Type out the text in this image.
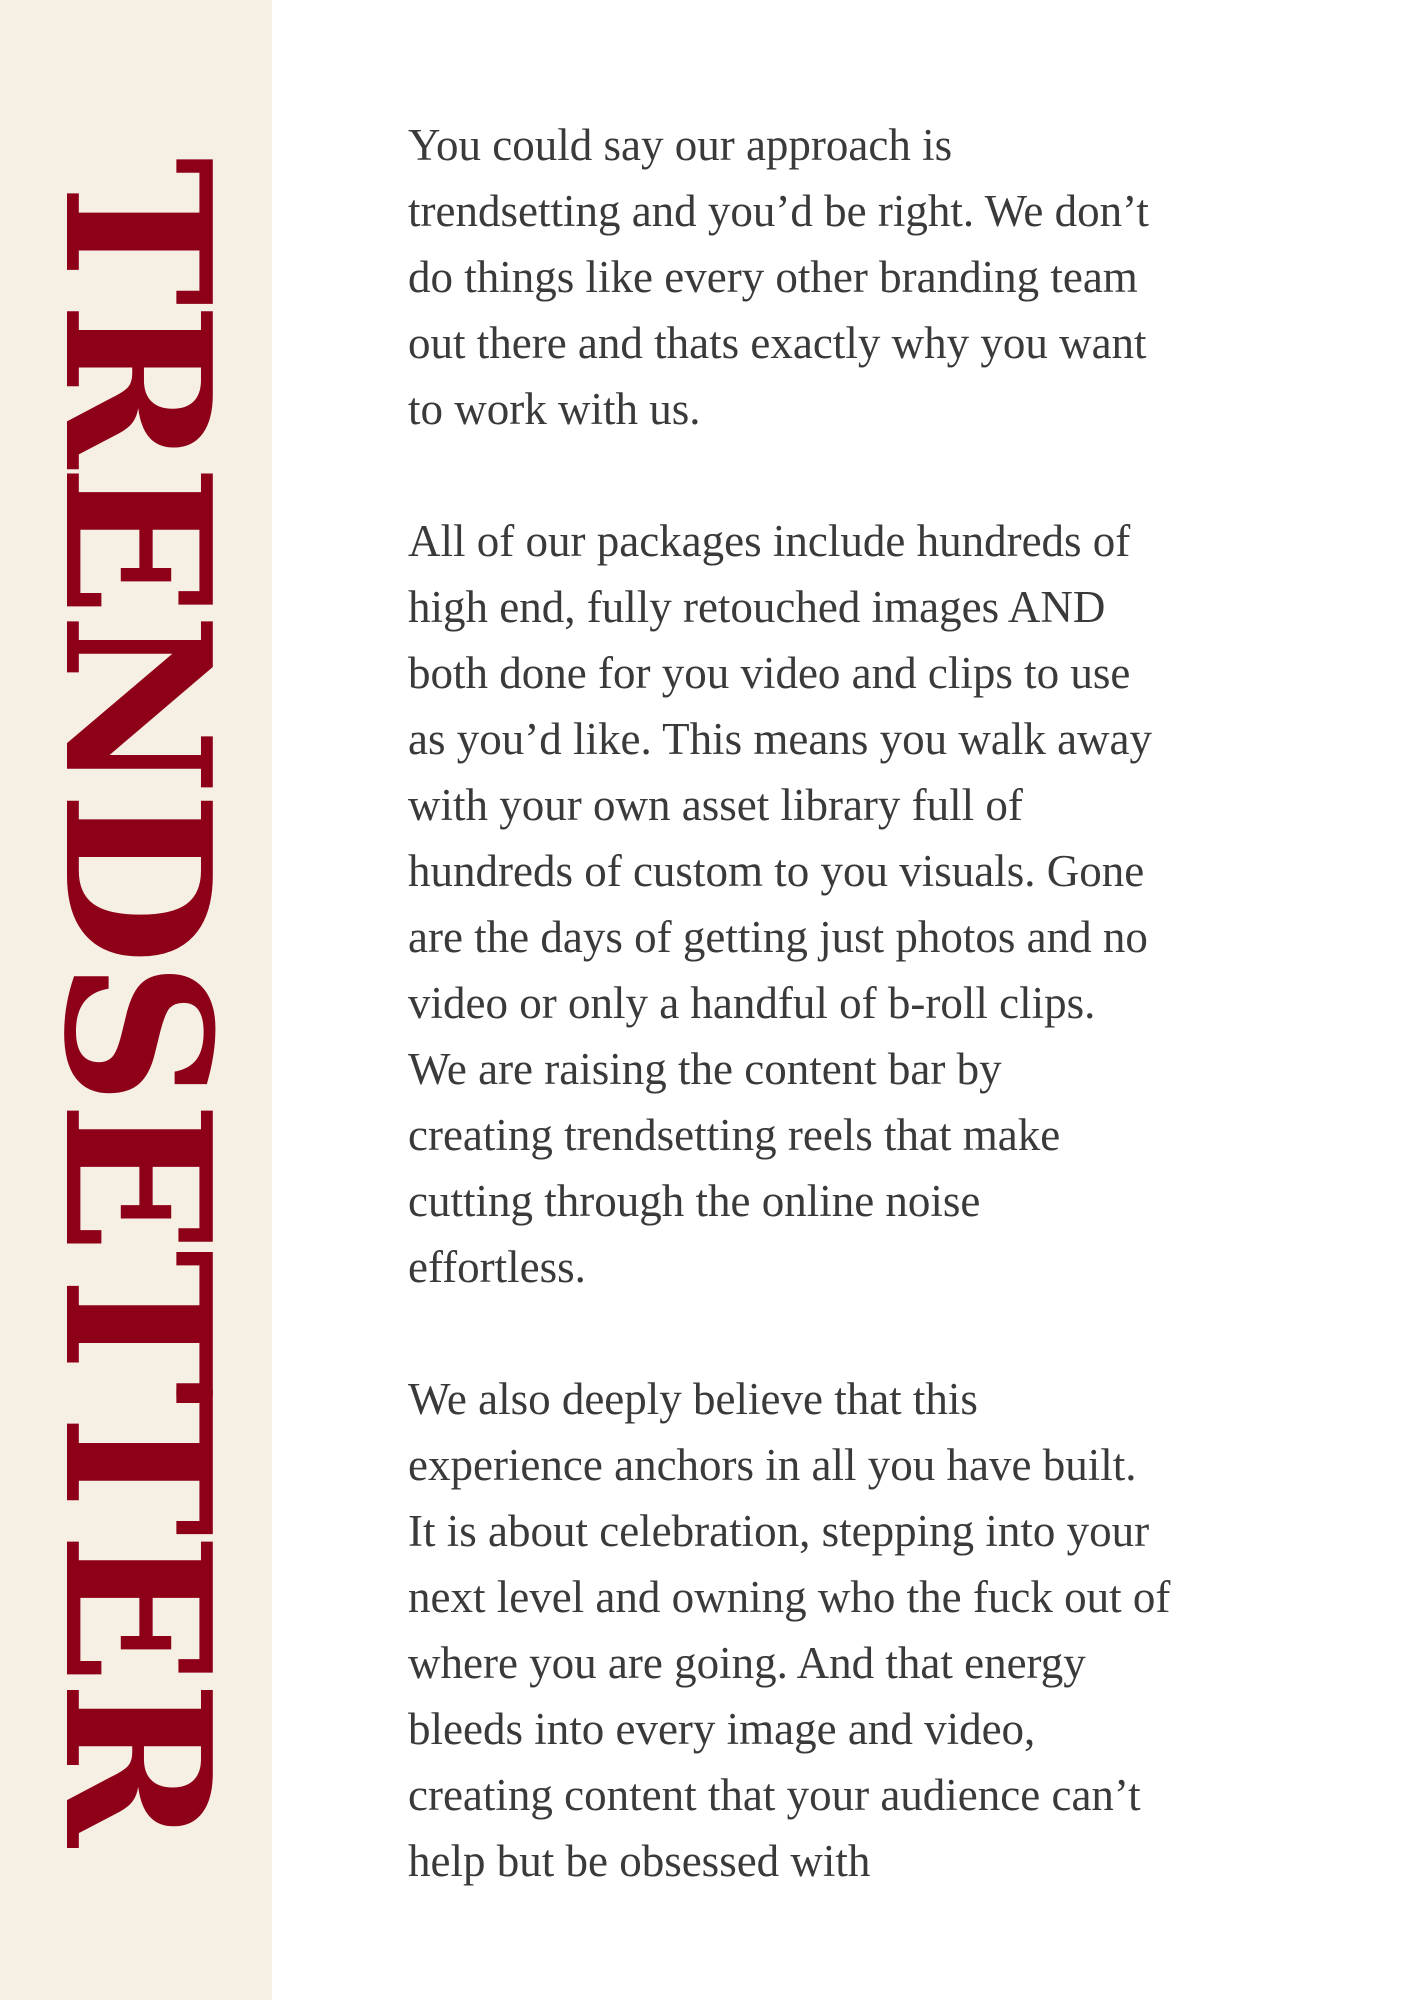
TRENDSETTER

You could say our approach is
trendsetting and you’d be right. We don’t
do things like every other branding team
out there and thats exactly why you want
to work with us.

All of our packages include hundreds of
high end, fully retouched images AND
both done for you video and clips to use
as you’d like. This means you walk away
with your own asset library full of
hundreds of custom to you visuals. Gone
are the days of getting just photos and no
video or only a handful of b-roll clips.
We are raising the content bar by
creating trendsetting reels that make
cutting through the online noise
effortless.

We also deeply believe that this
experience anchors in all you have built.
It is about celebration, stepping into your
next level and owning who the fuck out of
where you are going. And that energy
bleeds into every image and video,
creating content that your audience can’t
help but be obsessed with
